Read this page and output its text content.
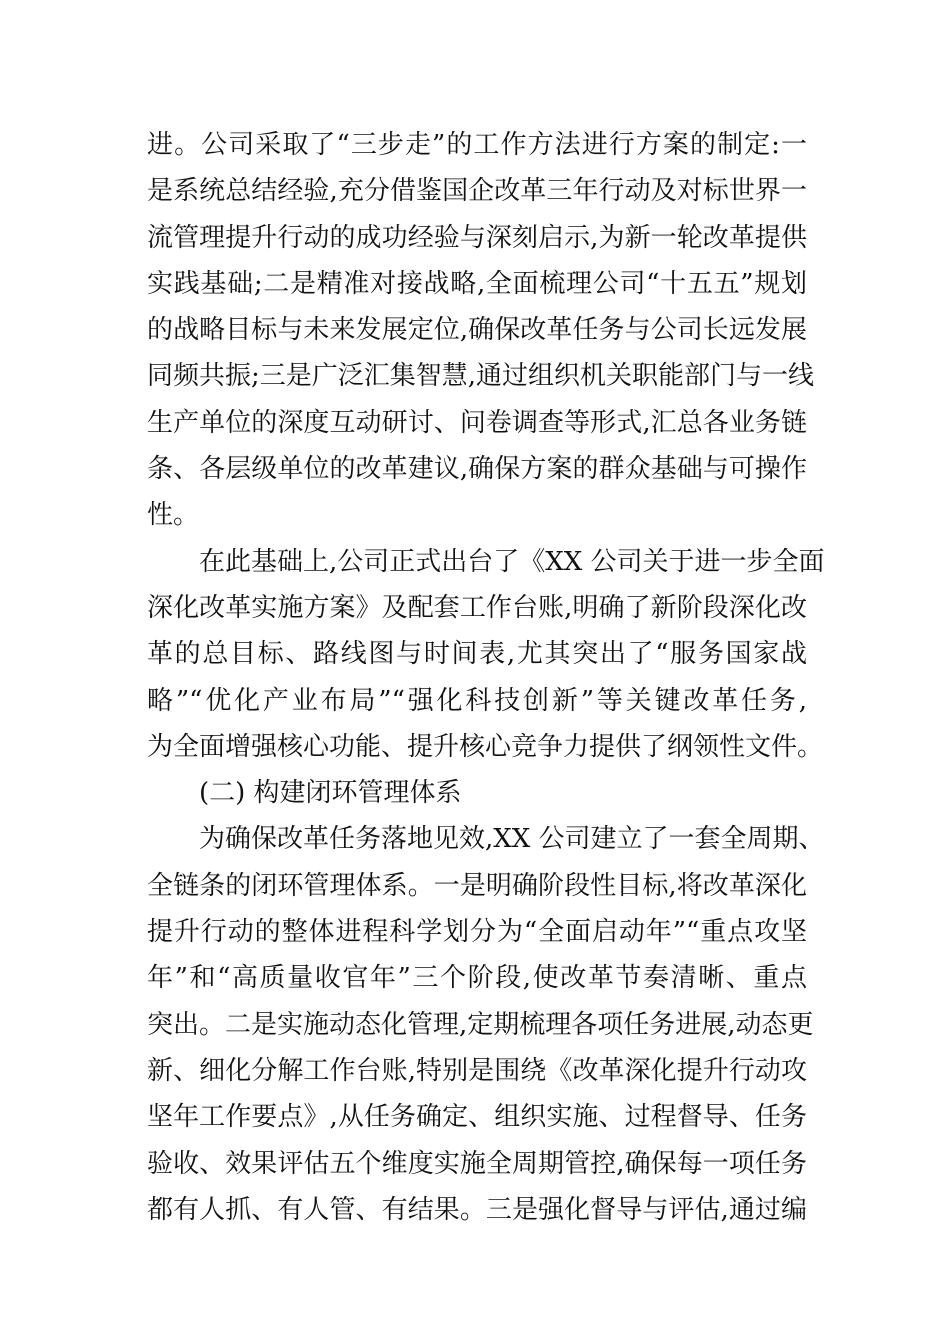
进。公司采取了“三步走”的工作方法进行方案的制定:一
是系统总结经验,充分借鉴国企改革三年行动及对标世界一
流管理提升行动的成功经验与深刻启示,为新一轮改革提供
实践基础;二是精准对接战略,全面梳理公司“十五五”规划
的战略目标与未来发展定位,确保改革任务与公司长远发展
同频共振;三是广泛汇集智慧,通过组织机关职能部门与一线
生产单位的深度互动研讨、问卷调查等形式,汇总各业务链
条、各层级单位的改革建议,确保方案的群众基础与可操作
性。
在此基础上,公司正式出台了《XX 公司关于进一步全面
深化改革实施方案》及配套工作台账,明确了新阶段深化改
革的总目标、路线图与时间表,尤其突出了“服务国家战
略”“优化产业布局”“强化科技创新”等关键改革任务,
为全面增强核心功能、提升核心竞争力提供了纲领性文件。
(二) 构建闭环管理体系
为确保改革任务落地见效,XX 公司建立了一套全周期、
全链条的闭环管理体系。一是明确阶段性目标,将改革深化
提升行动的整体进程科学划分为“全面启动年”“重点攻坚
年”和“高质量收官年”三个阶段,使改革节奏清晰、重点
突出。二是实施动态化管理,定期梳理各项任务进展,动态更
新、细化分解工作台账,特别是围绕《改革深化提升行动攻
坚年工作要点》,从任务确定、组织实施、过程督导、任务
验收、效果评估五个维度实施全周期管控,确保每一项任务
都有人抓、有人管、有结果。三是强化督导与评估,通过编
